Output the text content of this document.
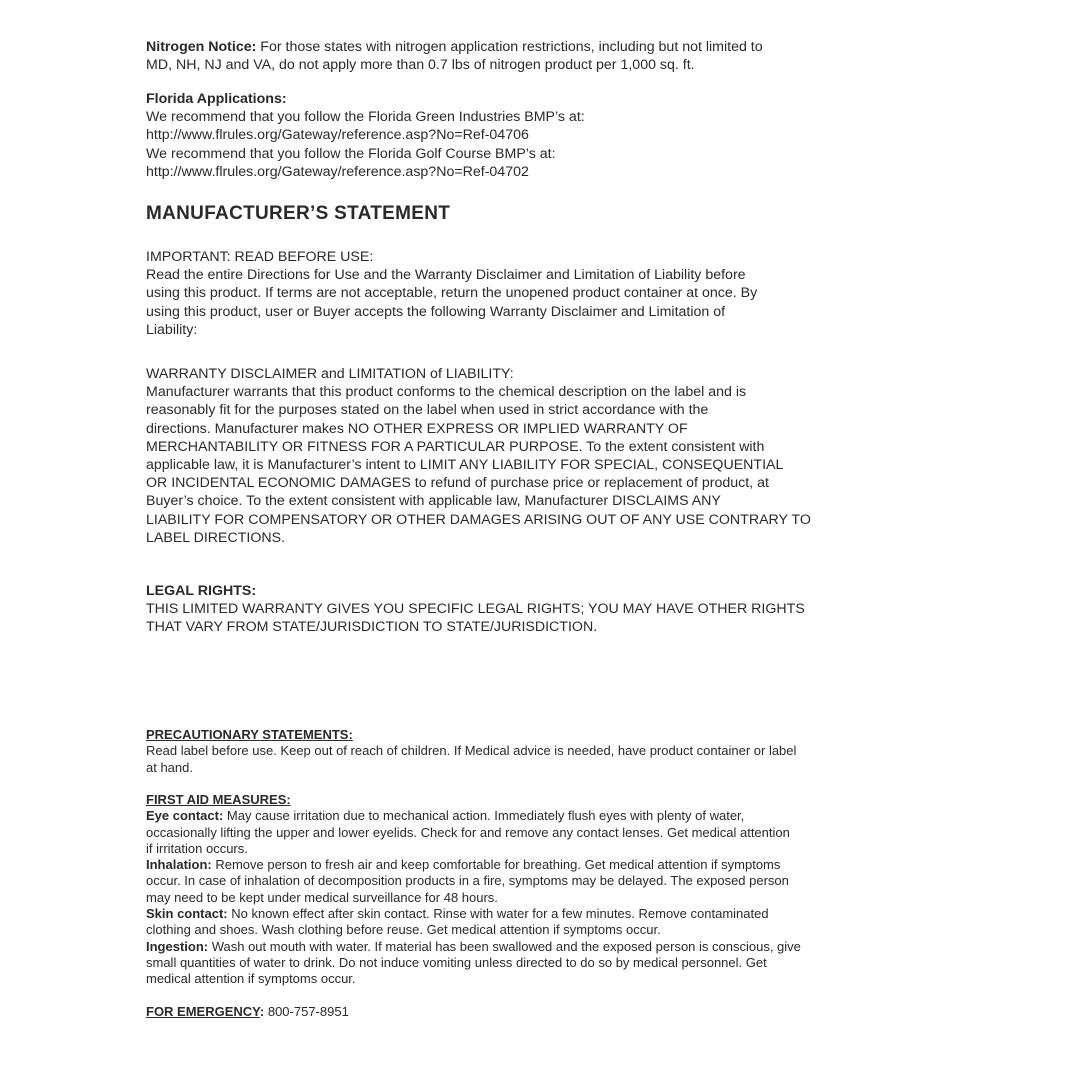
Nitrogen Notice: For those states with nitrogen application restrictions, including but not limited to

MD, NH, NJ and VA, do not apply more than 0.7 lbs of nitrogen product per 1,000 sq. ft.

Florida Applications:

We recommend that you follow the Florida Green Industries BMP’s at:

http://www.flrules.org/Gateway/reference.asp?No=Ref-04706

We recommend that you follow the Florida Golf Course BMP’s at:

http://www.flrules.org/Gateway/reference.asp?No=Ref-04702

MANUFACTURER’S STATEMENT

IMPORTANT: READ BEFORE USE:

Read the entire Directions for Use and the Warranty Disclaimer and Limitation of Liability before

using this product. If terms are not acceptable, return the unopened product container at once. By

using this product, user or Buyer accepts the following Warranty Disclaimer and Limitation of

Liability:

WARRANTY DISCLAIMER and LIMITATION of LIABILITY:

Manufacturer warrants that this product conforms to the chemical description on the label and is

reasonably fit for the purposes stated on the label when used in strict accordance with the

directions. Manufacturer makes NO OTHER EXPRESS OR IMPLIED WARRANTY OF

MERCHANTABILITY OR FITNESS FOR A PARTICULAR PURPOSE. To the extent consistent with

applicable law, it is Manufacturer’s intent to LIMIT ANY LIABILITY FOR SPECIAL, CONSEQUENTIAL

OR INCIDENTAL ECONOMIC DAMAGES to refund of purchase price or replacement of product, at

Buyer’s choice. To the extent consistent with applicable law, Manufacturer DISCLAIMS ANY

LIABILITY FOR COMPENSATORY OR OTHER DAMAGES ARISING OUT OF ANY USE CONTRARY TO

LABEL DIRECTIONS.

LEGAL RIGHTS:

THIS LIMITED WARRANTY GIVES YOU SPECIFIC LEGAL RIGHTS; YOU MAY HAVE OTHER RIGHTS

THAT VARY FROM STATE/JURISDICTION TO STATE/JURISDICTION.

PRECAUTIONARY STATEMENTS:

Read label before use. Keep out of reach of children. If Medical advice is needed, have product container or label

at hand.

FIRST AID MEASURES:

Eye contact: May cause irritation due to mechanical action. Immediately flush eyes with plenty of water,

occasionally lifting the upper and lower eyelids. Check for and remove any contact lenses. Get medical attention

if irritation occurs.

Inhalation: Remove person to fresh air and keep comfortable for breathing. Get medical attention if symptoms

occur. In case of inhalation of decomposition products in a fire, symptoms may be delayed. The exposed person

may need to be kept under medical surveillance for 48 hours.

Skin contact: No known effect after skin contact. Rinse with water for a few minutes. Remove contaminated

clothing and shoes. Wash clothing before reuse. Get medical attention if symptoms occur.

Ingestion: Wash out mouth with water. If material has been swallowed and the exposed person is conscious, give

small quantities of water to drink. Do not induce vomiting unless directed to do so by medical personnel. Get

medical attention if symptoms occur.

FOR EMERGENCY: 800-757-8951
